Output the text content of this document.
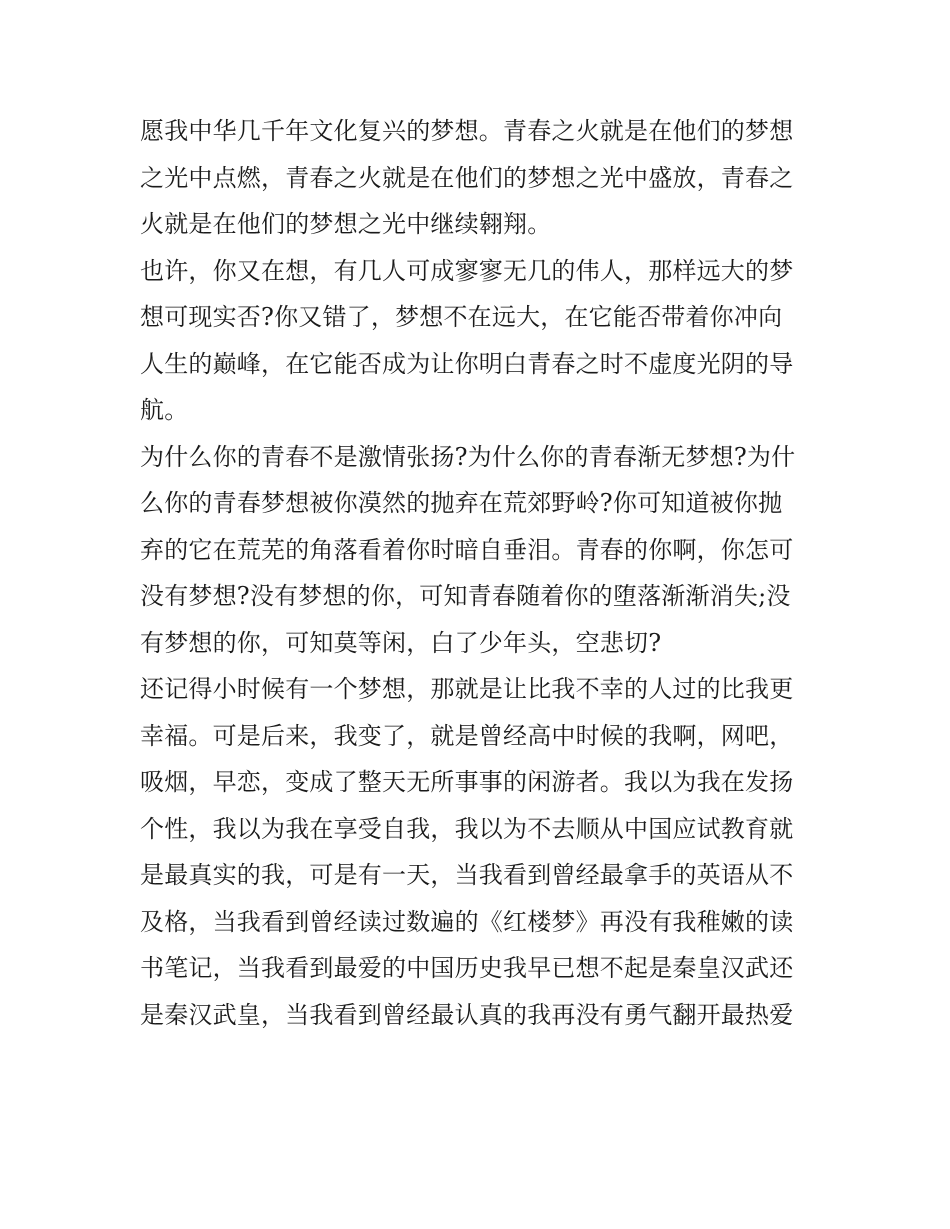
愿我中华几千年文化复兴的梦想。青春之火就是在他们的梦想
之光中点燃，青春之火就是在他们的梦想之光中盛放，青春之
火就是在他们的梦想之光中继续翱翔。
也许，你又在想，有几人可成寥寥无几的伟人，那样远大的梦
想可现实否?你又错了，梦想不在远大，在它能否带着你冲向
人生的巅峰，在它能否成为让你明白青春之时不虚度光阴的导
航。
为什么你的青春不是激情张扬?为什么你的青春渐无梦想?为什
么你的青春梦想被你漠然的抛弃在荒郊野岭?你可知道被你抛
弃的它在荒芜的角落看着你时暗自垂泪。青春的你啊，你怎可
没有梦想?没有梦想的你，可知青春随着你的堕落渐渐消失;没
有梦想的你，可知莫等闲，白了少年头，空悲切?
还记得小时候有一个梦想，那就是让比我不幸的人过的比我更
幸福。可是后来，我变了，就是曾经高中时候的我啊，网吧，
吸烟，早恋，变成了整天无所事事的闲游者。我以为我在发扬
个性，我以为我在享受自我，我以为不去顺从中国应试教育就
是最真实的我，可是有一天，当我看到曾经最拿手的英语从不
及格，当我看到曾经读过数遍的《红楼梦》再没有我稚嫩的读
书笔记，当我看到最爱的中国历史我早已想不起是秦皇汉武还
是秦汉武皇，当我看到曾经最认真的我再没有勇气翻开最热爱
